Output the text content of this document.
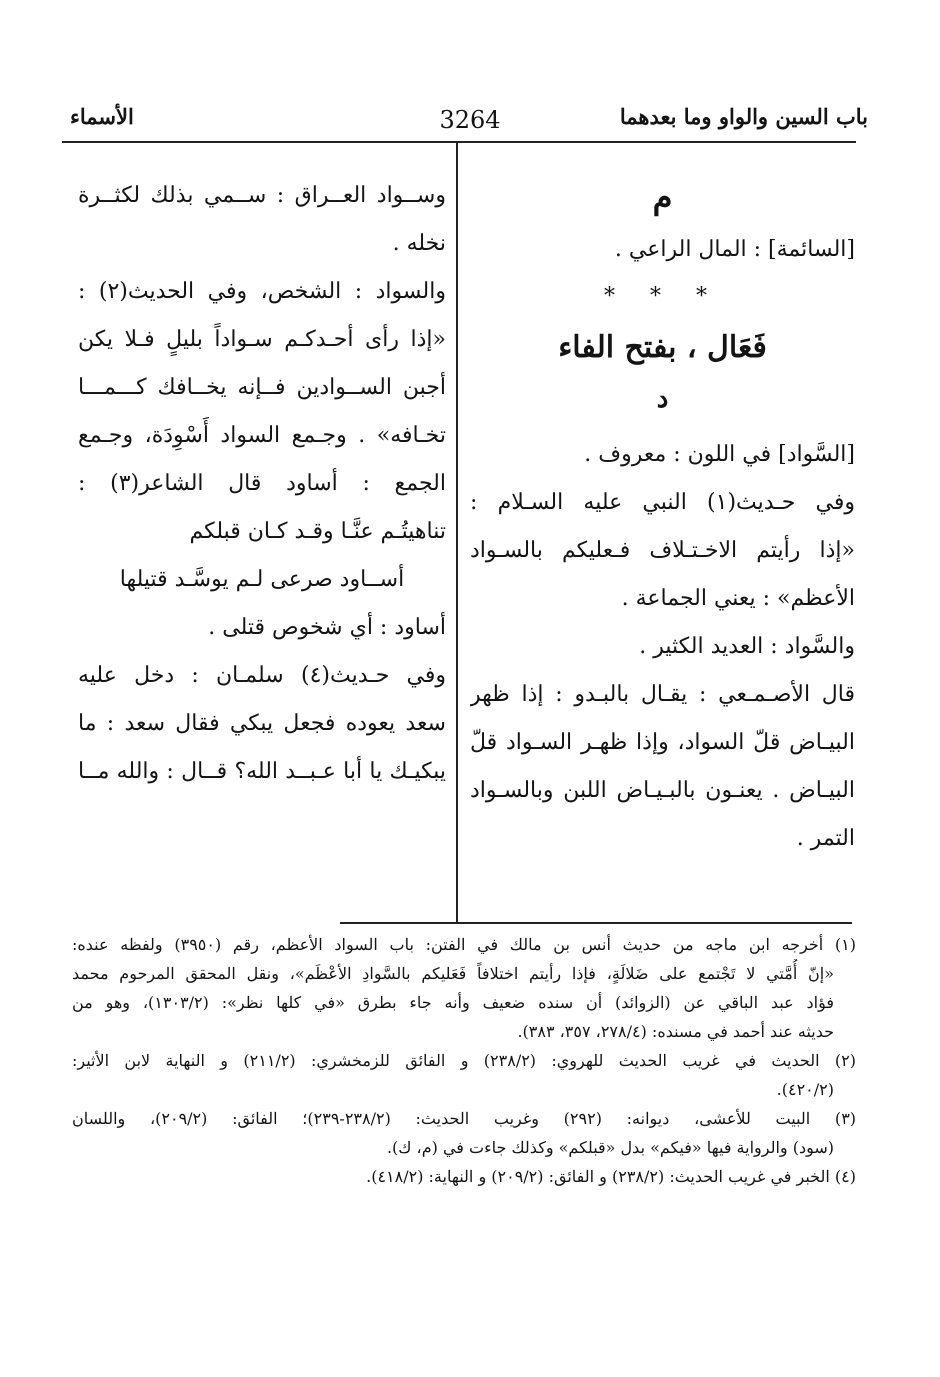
باب السين والواو وما بعدهما
3264
الأسماء
م
[السائمة] : المال الراعي .
* * *
فَعَال ، بفتح الفاء
د
[السَّواد] في اللون : معروف .
وفي حـديث(١) النبي عليه السـلام :
«إذا رأيتم الاخـتـلاف فـعليكم بالسـواد
الأعظم» : يعني الجماعة .
والسَّواد : العديد الكثير .
قال الأصـمـعي : يقـال بالبـدو : إذا ظهر
البيـاض قلّ السواد، وإذا ظهـر السـواد قلّ
البيـاض . يعنـون بالبـيـاض اللبن وبالسـواد
التمر .
وســواد العــراق : ســمي بذلك لكثــرة
نخله .
والسواد : الشخص، وفي الحديث(٢) :
«إذا رأى أحـدكـم سـواداً بليلٍ فـلا يكن
أجبن الســوادين فــإنه يخــافك كـــمـــا
تخـافه» . وجـمع السواد أَسْوِدَة، وجـمع
الجمع : أساود قال الشاعر(٣) :
تناهيتُـم عنَّـا وقـد كـان قبلكم
أســاود صرعى لـم يوسَّـد قتيلها
أساود : أي شخوص قتلى .
وفي حـديث(٤) سلمـان : دخل عليه
سعد يعوده فجعل يبكي فقال سعد : ما
يبكيـك يا أبا عـبــد الله؟ قــال : والله مــا
(١) أخرجه ابن ماجه من حديث أنس بن مالك في الفتن: باب السواد الأعظم، رقم (٣٩٥٠) ولفظه عنده:
«إنّ أُمَّتي لا تَجْتمع على ضَلالَةٍ، فإذا رأيتم اختلافاً فَعَليكم بالسَّوادِ الأعْظَم»، ونقل المحقق المرحوم محمد
فؤاد عبد الباقي عن (الزوائد) أن سنده ضعيف وأنه جاء بطرق «في كلها نظر»: (١٣٠٣/٢)، وهو من
حديثه عند أحمد في مسنده: (٢٧٨/٤، ٣٥٧، ٣٨٣).
(٢) الحديث في غريب الحديث للهروي: (٢٣٨/٢) و الفائق للزمخشري: (٢١١/٢) و النهاية لابن الأثير:
(٤٢٠/٢).
(٣) البيت للأعشى، ديوانه: (٢٩٢) وغريب الحديث: (٢٣٨/٢-٢٣٩)؛ الفائق: (٢٠٩/٢)، واللسان
(سود) والرواية فيها «فيكم» بدل «قبلكم» وكذلك جاءت في (م، ك).
(٤) الخبر في غريب الحديث: (٢٣٨/٢) و الفائق: (٢٠٩/٢) و النهاية: (٤١٨/٢).
